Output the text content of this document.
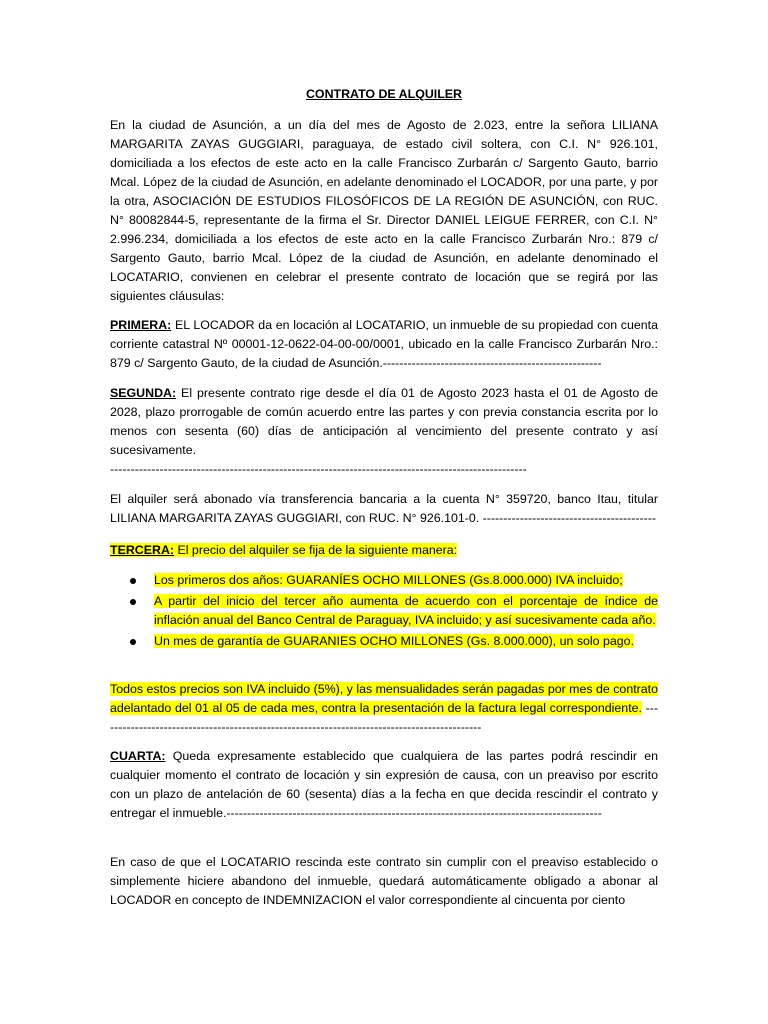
CONTRATO DE ALQUILER

En la ciudad de Asunción, a un día del mes de Agosto de 2.023, entre la señora LILIANA MARGARITA ZAYAS GUGGIARI, paraguaya, de estado civil soltera, con C.I. N° 926.101, domiciliada a los efectos de este acto en la calle Francisco Zurbarán c/ Sargento Gauto, barrio Mcal. López de la ciudad de Asunción, en adelante denominado el LOCADOR, por una parte, y por la otra, ASOCIACIÓN DE ESTUDIOS FILOSÓFICOS DE LA REGIÓN DE ASUNCIÓN, con RUC. N° 80082844-5, representante de la firma el Sr. Director DANIEL LEIGUE FERRER, con C.I. N° 2.996.234, domiciliada a los efectos de este acto en la calle Francisco Zurbarán Nro.: 879 c/ Sargento Gauto, barrio Mcal. López de la ciudad de Asunción, en adelante denominado el LOCATARIO, convienen en celebrar el presente contrato de locación que se regirá por las siguientes cláusulas:

PRIMERA: EL LOCADOR da en locación al LOCATARIO, un inmueble de su propiedad con cuenta corriente catastral Nº 00001-12-0622-04-00-00/0001, ubicado en la calle Francisco Zurbarán Nro.: 879 c/ Sargento Gauto, de la ciudad de Asunción.-----------------------------------------------------

SEGUNDA: El presente contrato rige desde el día 01 de Agosto 2023 hasta el 01 de Agosto de 2028, plazo prorrogable de común acuerdo entre las partes y con previa constancia escrita por lo menos con sesenta (60) días de anticipación al vencimiento del presente contrato y así sucesivamente.
-----------------------------------------------------------------------------------------------------

El alquiler será abonado vía transferencia bancaria a la cuenta N° 359720, banco Itau, titular LILIANA MARGARITA ZAYAS GUGGIARI, con RUC. N° 926.101-0. ------------------------------------------

TERCERA: El precio del alquiler se fija de la siguiente manera:

Los primeros dos años: GUARANÍES OCHO MILLONES (Gs.8.000.000) IVA incluido;
A partir del inicio del tercer año aumenta de acuerdo con el porcentaje de índice de inflación anual del Banco Central de Paraguay, IVA incluido; y así sucesivamente cada año.
Un mes de garantía de GUARANIES OCHO MILLONES (Gs. 8.000.000), un solo pago.

Todos estos precios son IVA incluido (5%), y las mensualidades serán pagadas por mes de contrato adelantado del 01 al 05 de cada mes, contra la presentación de la factura legal correspondiente. ---------------------------------------------------------------------------------------------

CUARTA: Queda expresamente establecido que cualquiera de las partes podrá rescindir en cualquier momento el contrato de locación y sin expresión de causa, con un preaviso por escrito con un plazo de antelación de 60 (sesenta) días a la fecha en que decida rescindir el contrato y entregar el inmueble.-------------------------------------------------------------------------------------------

En caso de que el LOCATARIO rescinda este contrato sin cumplir con el preaviso establecido o simplemente hiciere abandono del inmueble, quedará automáticamente obligado a abonar al LOCADOR en concepto de INDEMNIZACION el valor correspondiente al cincuenta por ciento
